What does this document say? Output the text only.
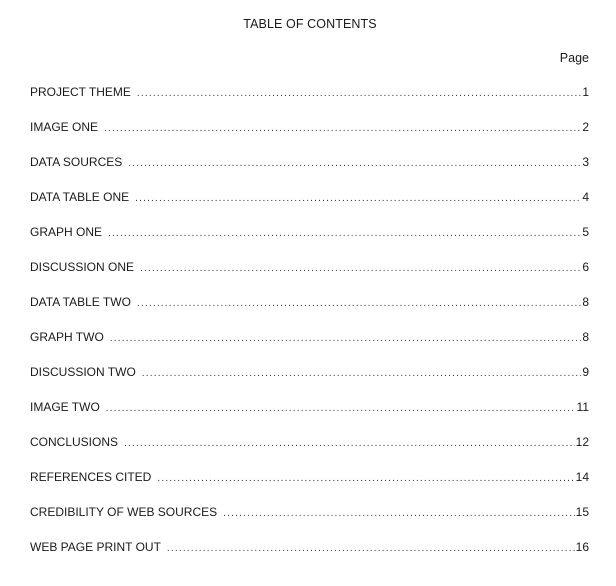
TABLE OF CONTENTS
Page
PROJECT THEME .....	1
IMAGE ONE .....	2
DATA SOURCES .....	3
DATA TABLE ONE .....	4
GRAPH ONE .....	5
DISCUSSION ONE .....	6
DATA TABLE TWO .....	8
GRAPH TWO .....	8
DISCUSSION TWO .....	9
IMAGE TWO .....	11
CONCLUSIONS .....	12
REFERENCES CITED .....	14
CREDIBILITY OF WEB SOURCES .....	15
WEB PAGE PRINT OUT .....	16
